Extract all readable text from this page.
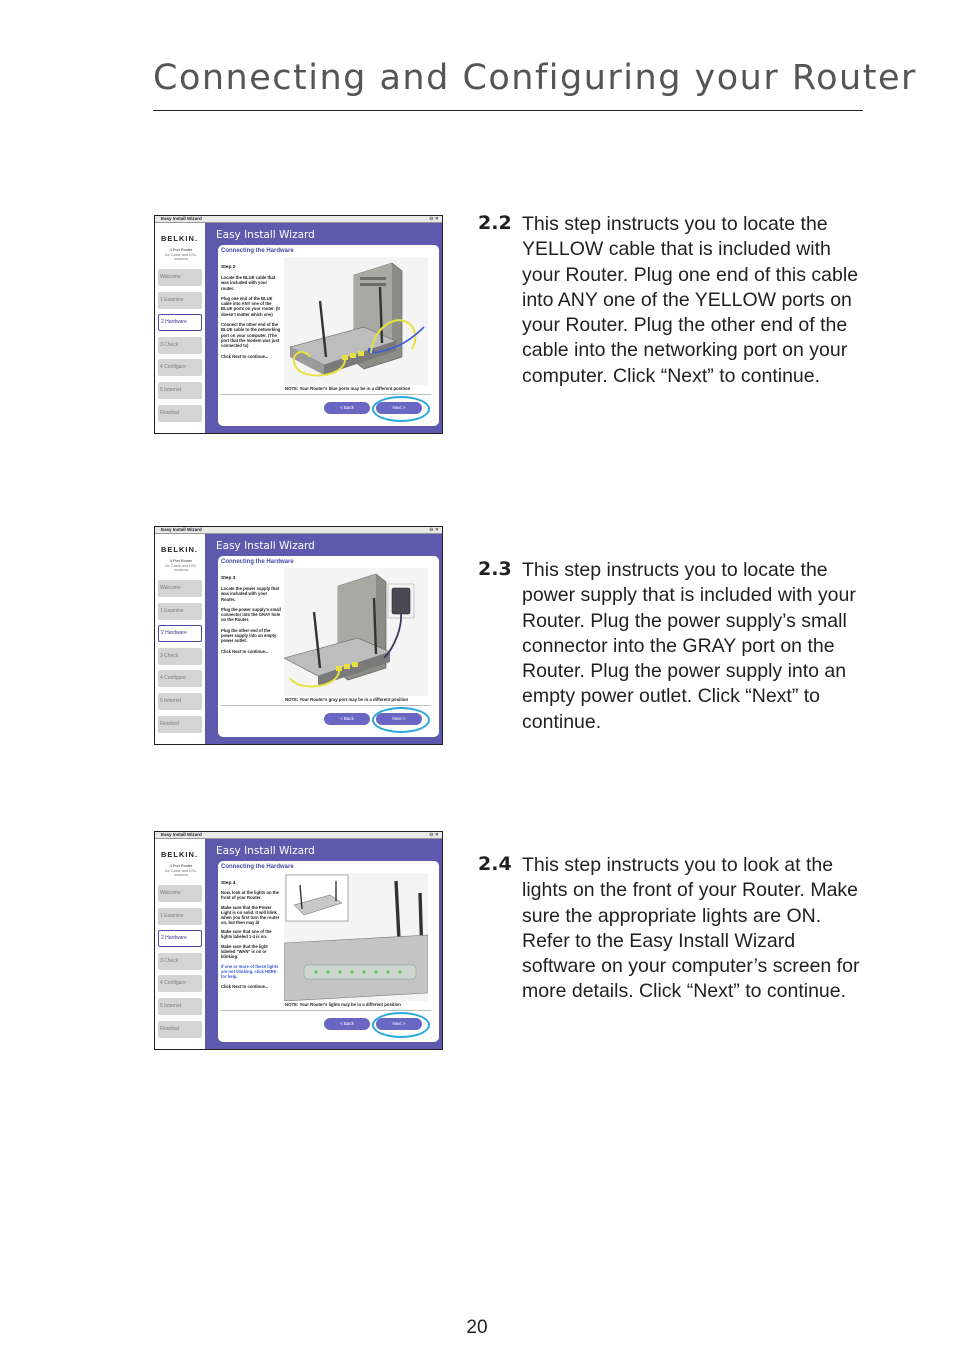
Connecting and Configuring your Router
Easy Install Wizard	⊖ ✕
BELKIN.
4 Port Router
for Cable and DSL modems
Welcome
1 Examine
2 Hardware
3 Check
4 Configure
5 Internet
Finished
Easy Install Wizard
Connecting the Hardware
Step 2

Locate the BLUE cable that was included with your router.

Plug one end of the BLUE cable into ANY one of the BLUE ports on your router. (It doesn't matter which one)

Connect the other end of the BLUE cable to the networking port on your computer. (The port that the modem was just connected to)

Click Next to continue...

NOTE: Your Router's blue ports may be in a different position
< Back	Next >
2.2 This step instructs you to locate the YELLOW cable that is included with your Router. Plug one end of this cable into ANY one of the YELLOW ports on your Router. Plug the other end of the cable into the networking port on your computer. Click “Next” to continue.

Easy Install Wizard	⊖ ✕
BELKIN.
4 Port Router
for Cable and DSL modems
Welcome
1 Examine
2 Hardware
3 Check
4 Configure
5 Internet
Finished
Easy Install Wizard
Connecting the Hardware
Step 3

Locate the power supply that was included with your Router.

Plug the power supply's small connector into the GRAY hole on the Router.

Plug the other end of the power supply into an empty power outlet.

Click Next to continue...

NOTE: Your Router's gray port may be in a different position
< Back	Next >
2.3 This step instructs you to locate the power supply that is included with your Router. Plug the power supply’s small connector into the GRAY port on the Router. Plug the power supply into an empty power outlet. Click “Next” to continue.

Easy Install Wizard	⊖ ✕
BELKIN.
4 Port Router
for Cable and DSL modems
Welcome
1 Examine
2 Hardware
3 Check
4 Configure
5 Internet
Finished
Easy Install Wizard
Connecting the Hardware
Step 4

Now, look at the lights on the front of your Router.

Make sure that the Power Light is on solid. It will blink when you first turn the router on, but then may lit

Make sure that one of the lights labeled 1-4 is on.

Make sure that the light labeled "WAN" is on or blinking.

If one or more of these lights are not blinking, click HERE for help.

Click Next to continue...

NOTE: Your Router's lights may be in a different position
< Back	Next >
2.4 This step instructs you to look at the lights on the front of your Router. Make sure the appropriate lights are ON. Refer to the Easy Install Wizard software on your computer’s screen for more details. Click “Next” to continue.

20
